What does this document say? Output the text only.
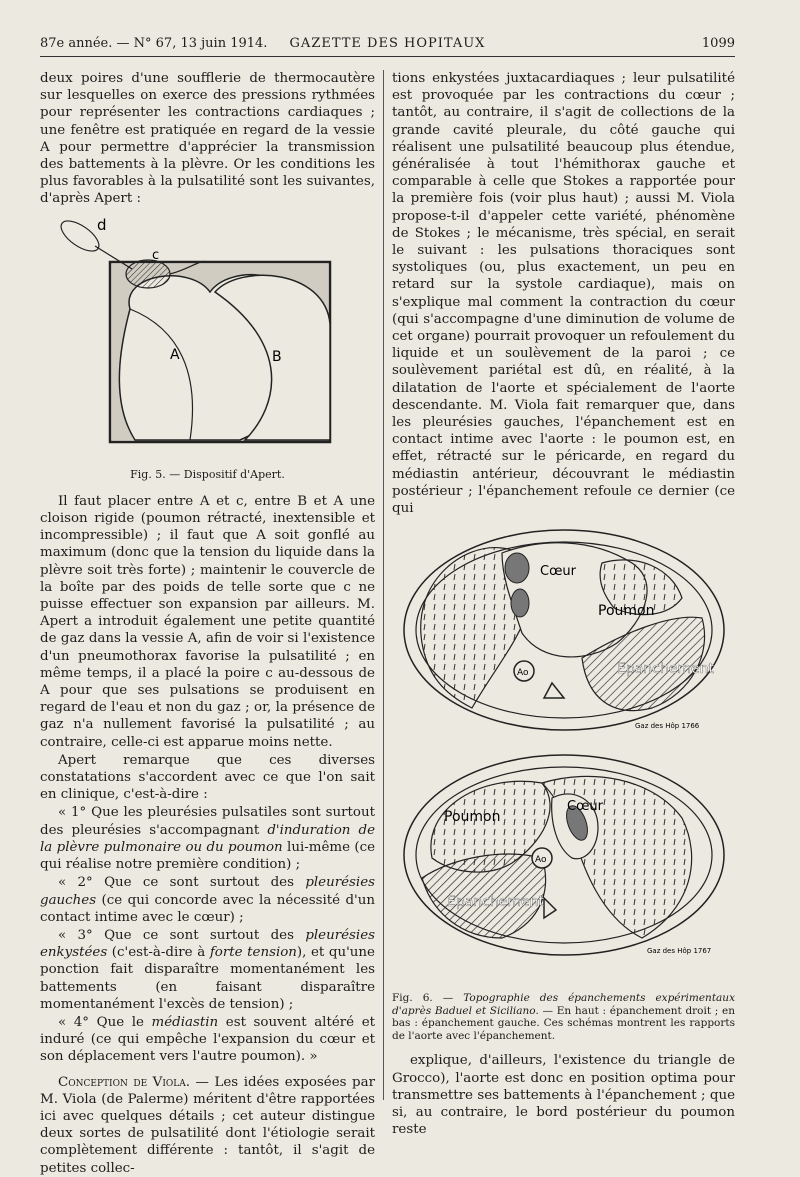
87e année. — N° 67, 13 juin 1914.	GAZETTE DES HOPITAUX	1099

deux poires d'une soufflerie de thermocautère sur lesquelles on exerce des pressions rythmées pour représenter les contractions cardiaques ; une fenêtre est pratiquée en regard de la vessie A pour permettre d'apprécier la transmission des battements à la plèvre. Or les conditions les plus favorables à la pulsatilité sont les suivantes, d'après Apert :

d
c
A	B
Fig. 5. — Dispositif d'Apert.

Il faut placer entre A et c, entre B et A une cloison rigide (poumon rétracté, inextensible et incompressible) ; il faut que A soit gonflé au maximum (donc que la tension du liquide dans la plèvre soit très forte) ; maintenir le couvercle de la boîte par des poids de telle sorte que c ne puisse effectuer son expansion par ailleurs. M. Apert a introduit également une petite quantité de gaz dans la vessie A, afin de voir si l'existence d'un pneumothorax favorise la pulsatilité ; en même temps, il a placé la poire c au-dessous de A pour que ses pulsations se produisent en regard de l'eau et non du gaz ; or, la présence de gaz n'a nullement favorisé la pulsatilité ; au contraire, celle-ci est apparue moins nette.

Apert remarque que ces diverses constatations s'accordent avec ce que l'on sait en clinique, c'est-à-dire :

« 1° Que les pleurésies pulsatiles sont surtout des pleurésies s'accompagnant d'induration de la plèvre pulmonaire ou du poumon lui-même (ce qui réalise notre première condition) ;

« 2° Que ce sont surtout des pleurésies gauches (ce qui concorde avec la nécessité d'un contact intime avec le cœur) ;

« 3° Que ce sont surtout des pleurésies enkystées (c'est-à-dire à forte tension), et qu'une ponction fait disparaître momentanément les battements (en faisant disparaître momentanément l'excès de tension) ;

« 4° Que le médiastin est souvent altéré et induré (ce qui empêche l'expansion du cœur et son déplacement vers l'autre poumon). »

Conception de Viola. — Les idées exposées par M. Viola (de Palerme) méritent d'être rapportées ici avec quelques détails ; cet auteur distingue deux sortes de pulsatilité dont l'étiologie serait complètement différente : tantôt, il s'agit de petites collec-

tions enkystées juxtacardiaques ; leur pulsatilité est provoquée par les contractions du cœur ; tantôt, au contraire, il s'agit de collections de la grande cavité pleurale, du côté gauche qui réalisent une pulsatilité beaucoup plus étendue, généralisée à tout l'hémithorax gauche et comparable à celle que Stokes a rapportée pour la première fois (voir plus haut) ; aussi M. Viola propose-t-il d'appeler cette variété, phénomène de Stokes ; le mécanisme, très spécial, en serait le suivant : les pulsations thoraciques sont systoliques (ou, plus exactement, un peu en retard sur la systole cardiaque), mais on s'explique mal comment la contraction du cœur (qui s'accompagne d'une diminution de volume de cet organe) pourrait provoquer un refoulement du liquide et un soulèvement de la paroi ; ce soulèvement pariétal est dû, en réalité, à la dilatation de l'aorte et spécialement de l'aorte descendante. M. Viola fait remarquer que, dans les pleurésies gauches, l'épanchement est en contact intime avec l'aorte : le poumon est, en effet, rétracté sur le péricarde, en regard du médiastin antérieur, découvrant le médiastin postérieur ; l'épanchement refoule ce dernier (ce qui

Cœur
Poumon
Epanchement
Ao
Gaz des Hôp 1766
Poumon
Cœur
Epanchement
Ao
Gaz des Hôp 1767
Fig. 6. — Topographie des épanchements expérimentaux d'après Baduel et Siciliano. — En haut : épanchement droit ; en bas : épanchement gauche. Ces schémas montrent les rapports de l'aorte avec l'épanchement.

explique, d'ailleurs, l'existence du triangle de Grocco), l'aorte est donc en position optima pour transmettre ses battements à l'épanchement ; que si, au contraire, le bord postérieur du poumon reste
